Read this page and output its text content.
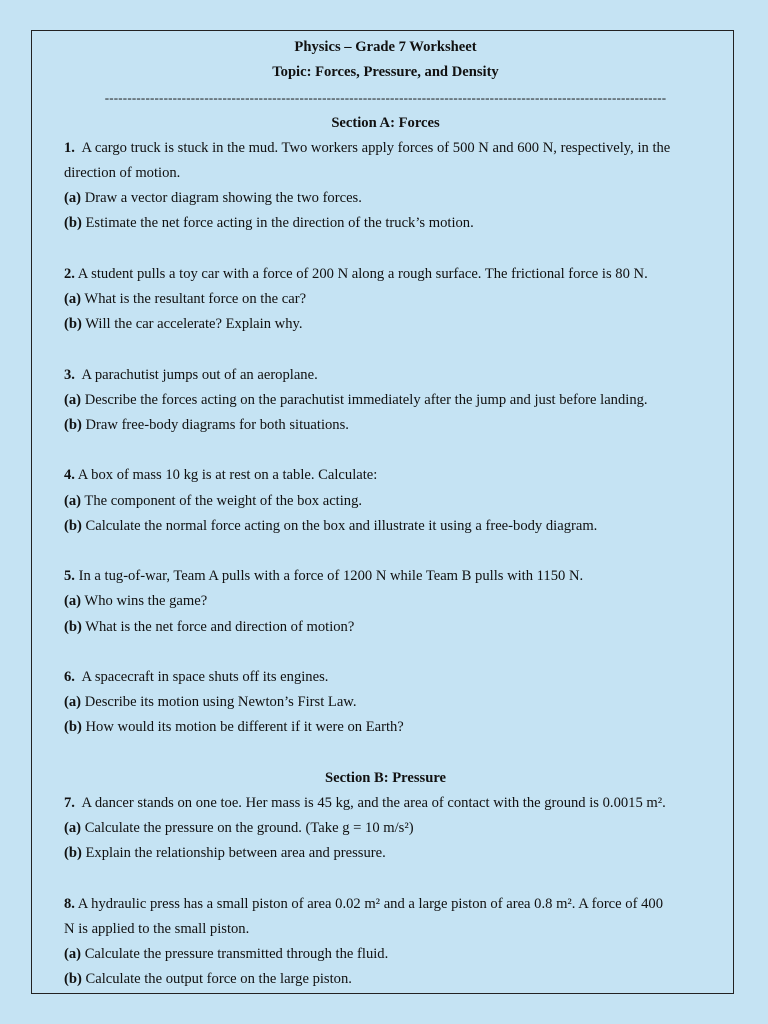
Physics – Grade 7 Worksheet
Topic: Forces, Pressure, and Density
----------------------------------------------------------------------------------------------------------------------------
Section A: Forces
1. A cargo truck is stuck in the mud. Two workers apply forces of 500 N and 600 N, respectively, in the
direction of motion.
(a) Draw a vector diagram showing the two forces.
(b) Estimate the net force acting in the direction of the truck’s motion.
2. A student pulls a toy car with a force of 200 N along a rough surface. The frictional force is 80 N.
(a) What is the resultant force on the car?
(b) Will the car accelerate? Explain why.
3. A parachutist jumps out of an aeroplane.
(a) Describe the forces acting on the parachutist immediately after the jump and just before landing.
(b) Draw free-body diagrams for both situations.
4. A box of mass 10 kg is at rest on a table. Calculate:
(a) The component of the weight of the box acting.
(b) Calculate the normal force acting on the box and illustrate it using a free-body diagram.
5. In a tug-of-war, Team A pulls with a force of 1200 N while Team B pulls with 1150 N.
(a) Who wins the game?
(b) What is the net force and direction of motion?
6. A spacecraft in space shuts off its engines.
(a) Describe its motion using Newton’s First Law.
(b) How would its motion be different if it were on Earth?
Section B: Pressure
7. A dancer stands on one toe. Her mass is 45 kg, and the area of contact with the ground is 0.0015 m².
(a) Calculate the pressure on the ground. (Take g = 10 m/s²)
(b) Explain the relationship between area and pressure.
8. A hydraulic press has a small piston of area 0.02 m² and a large piston of area 0.8 m². A force of 400
N is applied to the small piston.
(a) Calculate the pressure transmitted through the fluid.
(b) Calculate the output force on the large piston.
